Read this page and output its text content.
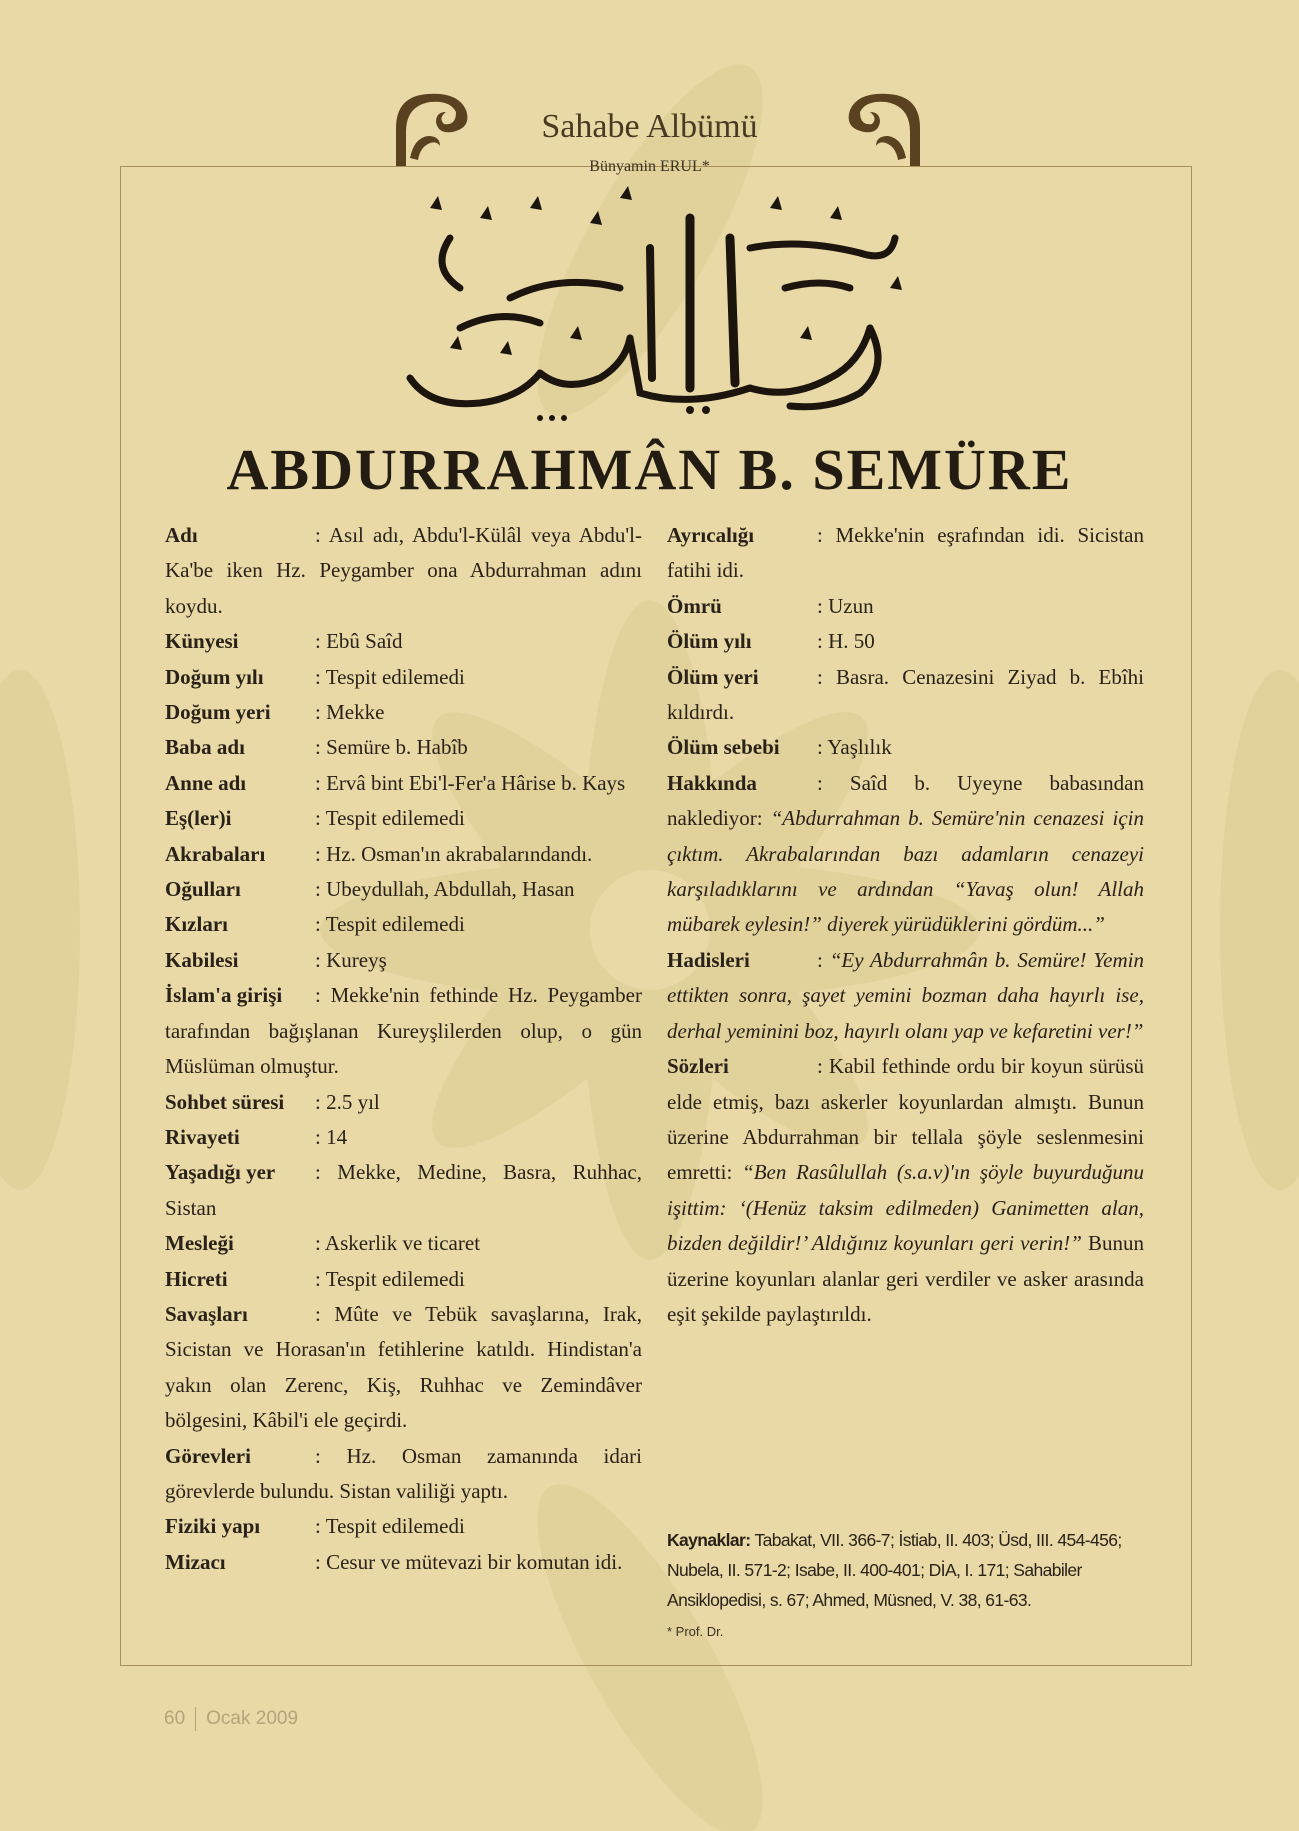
Sahabe Albümü
Bünyamin ERUL*
ABDURRAHMÂN B. SEMÜRE

Adı	: Asıl adı, Abdu'l-Külâl veya Abdu'l-Ka'be iken Hz. Peygamber ona Abdurrahman adını koydu.

Künyesi	: Ebû Saîd

Doğum yılı : Tespit edilemedi

Doğum yeri : Mekke

Baba adı	: Semüre b. Habîb

Anne adı	: Ervâ bint Ebi'l-Fer'a Hârise b. Kays

Eş(ler)i	: Tespit edilemedi

Akrabaları : Hz. Osman'ın akrabalarındandı.

Oğulları	: Ubeydullah, Abdullah, Hasan

Kızları	: Tespit edilemedi

Kabilesi	: Kureyş

İslam'a girişi : Mekke'nin fethinde Hz. Peygamber tarafından bağışlanan Kureyşlilerden olup, o gün Müslüman olmuştur.

Sohbet süresi : 2.5 yıl

Rivayeti	: 14

Yaşadığı yer : Mekke, Medine, Basra, Ruhhac, Sistan

Mesleği	: Askerlik ve ticaret

Hicreti	: Tespit edilemedi

Savaşları	: Mûte ve Tebük savaşlarına, Irak, Sicistan ve Horasan'ın fetihlerine katıldı. Hindistan'a yakın olan Zerenc, Kiş, Ruhhac ve Zemindâver bölgesini, Kâbil'i ele geçirdi.

Görevleri	: Hz. Osman zamanında idari görevlerde bulundu. Sistan valiliği yaptı.

Fiziki yapı	: Tespit edilemedi

Mizacı	: Cesur ve mütevazi bir komutan idi.

Ayrıcalığı	: Mekke'nin eşrafından idi. Sicistan fatihi idi.

Ömrü	: Uzun

Ölüm yılı	: H. 50

Ölüm yeri	: Basra. Cenazesini Ziyad b. Ebîhi kıldırdı.

Ölüm sebebi : Yaşlılık

Hakkında	: Saîd b. Uyeyne babasından naklediyor: “Abdurrahman b. Semüre'nin cenazesi için çıktım. Akrabalarından bazı adamların cenazeyi karşıladıklarını ve ardından “Yavaş olun! Allah mübarek eylesin!” diyerek yürüdüklerini gördüm...”

Hadisleri	: “Ey Abdurrahmân b. Semüre! Yemin ettikten sonra, şayet yemini bozman daha hayırlı ise, derhal yeminini boz, hayırlı olanı yap ve kefaretini ver!”

Sözleri	: Kabil fethinde ordu bir koyun sürüsü elde etmiş, bazı askerler koyunlardan almıştı. Bunun üzerine Abdurrahman bir tellala şöyle seslenmesini emretti: “Ben Rasûlullah (s.a.v)'ın şöyle buyurduğunu işittim: ‘(Henüz taksim edilmeden) Ganimetten alan, bizden değildir!’ Aldığınız koyunları geri verin!” Bunun üzerine koyunları alanlar geri verdiler ve asker arasında eşit şekilde paylaştırıldı.

Kaynaklar: Tabakat, VII. 366-7; İstiab, II. 403; Üsd, III. 454-456; Nubela, II. 571-2; Isabe, II. 400-401; DİA, I. 171; Sahabiler Ansiklopedisi, s. 67; Ahmed, Müsned, V. 38, 61-63.
* Prof. Dr.
60 Ocak 2009
